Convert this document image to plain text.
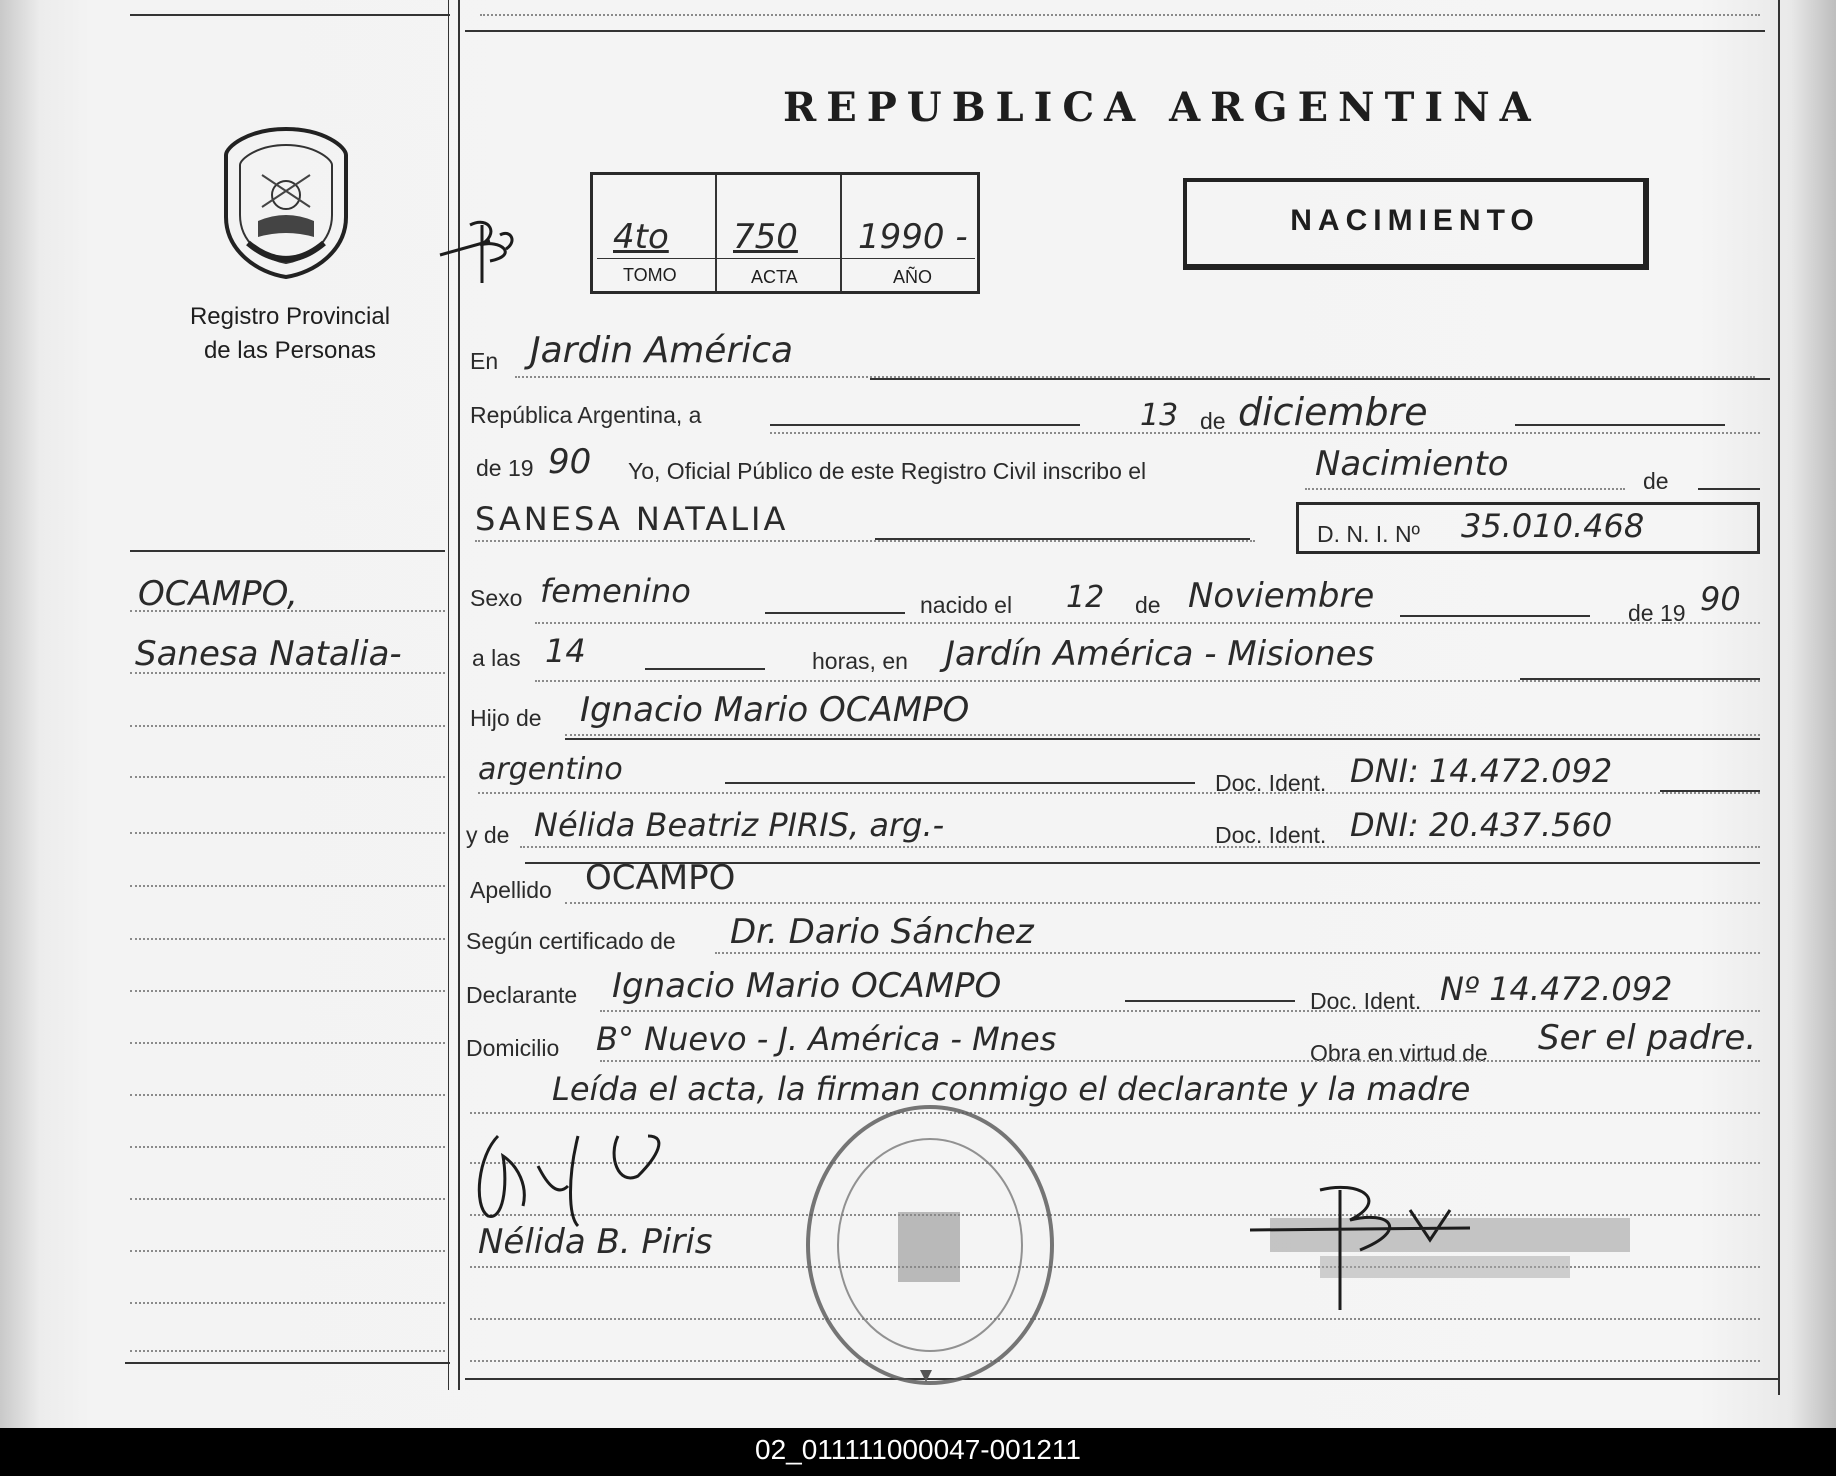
REPUBLICA ARGENTINA
4to 750 1990 -
TOMO	ACTA	AÑO
NACIMIENTO
Registro Provincial
de las Personas
OCAMPO,
Sanesa Natalia-
En Jardin América
República Argentina, a	13 de diciembre
de 19 90 Yo, Oficial Público de este Registro Civil inscribo el	Nacimiento	de
SANESA NATALIA	D. N. I. Nº 35.010.468
Sexo femenino	nacido el 12 de Noviembre	de 19 90
a las 14	horas, en Jardín América - Misiones
Hijo de Ignacio Mario OCAMPO
argentino	Doc. Ident. DNI: 14.472.092
y de Nélida Beatriz PIRIS, arg.-	Doc. Ident. DNI: 20.437.560
Apellido OCAMPO
Según certificado de Dr. Dario Sánchez
Declarante Ignacio Mario OCAMPO	Doc. Ident. Nº 14.472.092
Domicilio B° Nuevo - J. América - Mnes	Obra en virtud de Ser el padre.
Leída el acta, la firman conmigo el declarante y la madre
Nélida B. Piris
02_011111000047-001211
